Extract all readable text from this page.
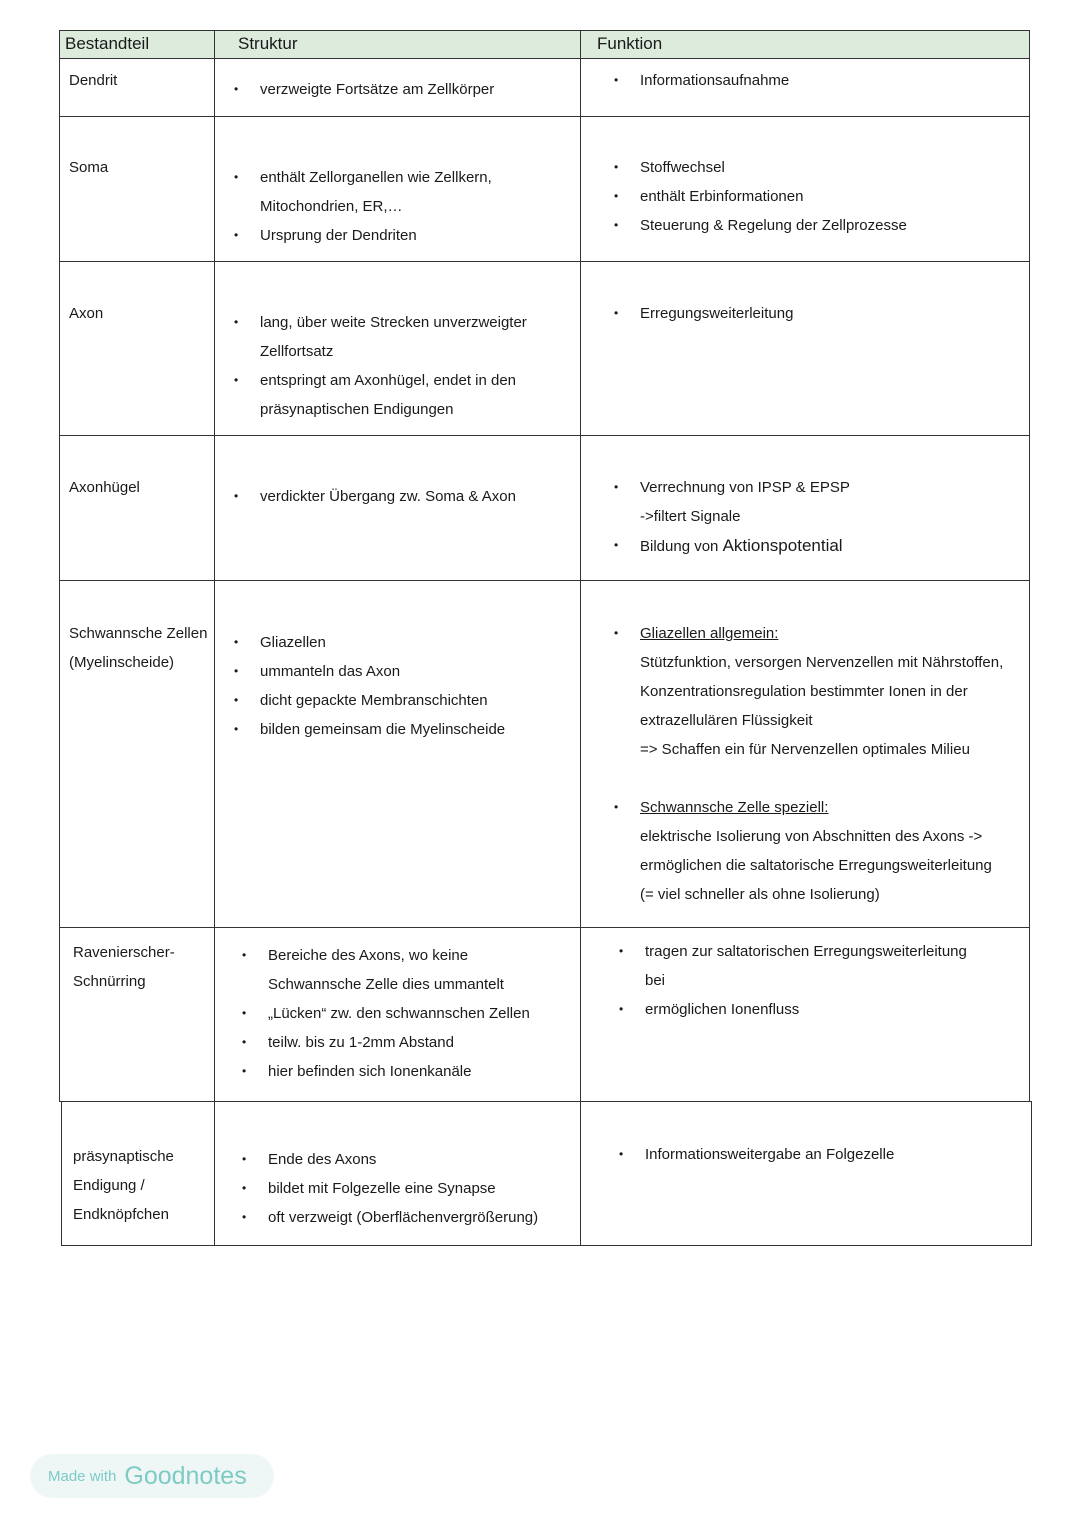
Bestandteil	Struktur	Funktion
Dendrit
• verzweigte Fortsätze am Zellkörper
• Informationsaufnahme
Soma
• enthält Zellorganellen wie Zellkern,
Mitochondrien, ER,…
• Ursprung der Dendriten
• Stoffwechsel
• enthält Erbinformationen
• Steuerung & Regelung der Zellprozesse
Axon
• lang, über weite Strecken unverzweigter
Zellfortsatz
• entspringt am Axonhügel, endet in den
präsynaptischen Endigungen
• Erregungsweiterleitung
Axonhügel
• verdickter Übergang zw. Soma & Axon
• Verrechnung von IPSP & EPSP
->filtert Signale
• Bildung von Aktionspotential
Schwannsche Zellen
(Myelinscheide)
• Gliazellen
• ummanteln das Axon
• dicht gepackte Membranschichten
• bilden gemeinsam die Myelinscheide
• Gliazellen allgemein:
Stützfunktion, versorgen Nervenzellen mit Nährstoffen,
Konzentrationsregulation bestimmter Ionen in der
extrazellulären Flüssigkeit
=> Schaffen ein für Nervenzellen optimales Milieu
• Schwannsche Zelle speziell:
elektrische Isolierung von Abschnitten des Axons ->
ermöglichen die saltatorische Erregungsweiterleitung
(= viel schneller als ohne Isolierung)
Ravenierscher-
Schnürring
• Bereiche des Axons, wo keine
Schwannsche Zelle dies ummantelt
• „Lücken“ zw. den schwannschen Zellen
• teilw. bis zu 1-2mm Abstand
• hier befinden sich Ionenkanäle
• tragen zur saltatorischen Erregungsweiterleitung
bei
• ermöglichen Ionenfluss
präsynaptische
Endigung /
Endknöpfchen
• Ende des Axons
• bildet mit Folgezelle eine Synapse
• oft verzweigt (Oberflächenvergrößerung)
• Informationsweitergabe an Folgezelle
Made with Goodnotes
